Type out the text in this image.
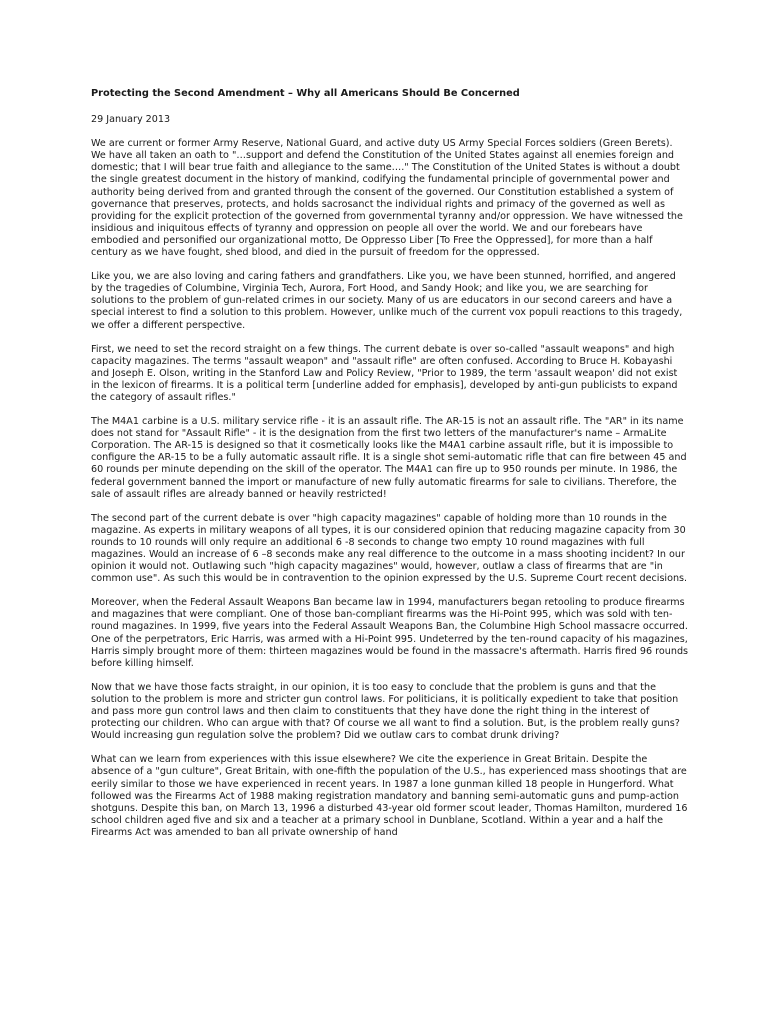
Protecting the Second Amendment – Why all Americans Should Be Concerned
29 January 2013

We are current or former Army Reserve, National Guard, and active duty US Army Special Forces soldiers (Green Berets). We have all taken an oath to "…support and defend the Constitution of the United States against all enemies foreign and domestic; that I will bear true faith and allegiance to the same…." The Constitution of the United States is without a doubt the single greatest document in the history of mankind, codifying the fundamental principle of governmental power and authority being derived from and granted through the consent of the governed. Our Constitution established a system of governance that preserves, protects, and holds sacrosanct the individual rights and primacy of the governed as well as providing for the explicit protection of the governed from governmental tyranny and/or oppression. We have witnessed the insidious and iniquitous effects of tyranny and oppression on people all over the world. We and our forebears have embodied and personified our organizational motto, De Oppresso Liber [To Free the Oppressed], for more than a half century as we have fought, shed blood, and died in the pursuit of freedom for the oppressed.

Like you, we are also loving and caring fathers and grandfathers. Like you, we have been stunned, horrified, and angered by the tragedies of Columbine, Virginia Tech, Aurora, Fort Hood, and Sandy Hook; and like you, we are searching for solutions to the problem of gun-related crimes in our society. Many of us are educators in our second careers and have a special interest to find a solution to this problem. However, unlike much of the current vox populi reactions to this tragedy, we offer a different perspective.

First, we need to set the record straight on a few things. The current debate is over so-called "assault weapons" and high capacity magazines. The terms "assault weapon" and "assault rifle" are often confused. According to Bruce H. Kobayashi and Joseph E. Olson, writing in the Stanford Law and Policy Review, "Prior to 1989, the term 'assault weapon' did not exist in the lexicon of firearms. It is a political term [underline added for emphasis], developed by anti-gun publicists to expand the category of assault rifles."

The M4A1 carbine is a U.S. military service rifle - it is an assault rifle. The AR-15 is not an assault rifle. The "AR" in its name does not stand for "Assault Rifle" - it is the designation from the first two letters of the manufacturer's name – ArmaLite Corporation. The AR-15 is designed so that it cosmetically looks like the M4A1 carbine assault rifle, but it is impossible to configure the AR-15 to be a fully automatic assault rifle. It is a single shot semi-automatic rifle that can fire between 45 and 60 rounds per minute depending on the skill of the operator. The M4A1 can fire up to 950 rounds per minute. In 1986, the federal government banned the import or manufacture of new fully automatic firearms for sale to civilians. Therefore, the sale of assault rifles are already banned or heavily restricted!

The second part of the current debate is over "high capacity magazines" capable of holding more than 10 rounds in the magazine. As experts in military weapons of all types, it is our considered opinion that reducing magazine capacity from 30 rounds to 10 rounds will only require an additional 6 -8 seconds to change two empty 10 round magazines with full magazines. Would an increase of 6 –8 seconds make any real difference to the outcome in a mass shooting incident? In our opinion it would not. Outlawing such "high capacity magazines" would, however, outlaw a class of firearms that are "in common use". As such this would be in contravention to the opinion expressed by the U.S. Supreme Court recent decisions.

Moreover, when the Federal Assault Weapons Ban became law in 1994, manufacturers began retooling to produce firearms and magazines that were compliant. One of those ban-compliant firearms was the Hi-Point 995, which was sold with ten-round magazines. In 1999, five years into the Federal Assault Weapons Ban, the Columbine High School massacre occurred. One of the perpetrators, Eric Harris, was armed with a Hi-Point 995. Undeterred by the ten-round capacity of his magazines, Harris simply brought more of them: thirteen magazines would be found in the massacre's aftermath. Harris fired 96 rounds before killing himself.

Now that we have those facts straight, in our opinion, it is too easy to conclude that the problem is guns and that the solution to the problem is more and stricter gun control laws. For politicians, it is politically expedient to take that position and pass more gun control laws and then claim to constituents that they have done the right thing in the interest of protecting our children. Who can argue with that? Of course we all want to find a solution. But, is the problem really guns? Would increasing gun regulation solve the problem? Did we outlaw cars to combat drunk driving?

What can we learn from experiences with this issue elsewhere? We cite the experience in Great Britain. Despite the absence of a "gun culture", Great Britain, with one-fifth the population of the U.S., has experienced mass shootings that are eerily similar to those we have experienced in recent years. In 1987 a lone gunman killed 18 people in Hungerford. What followed was the Firearms Act of 1988 making registration mandatory and banning semi-automatic guns and pump-action shotguns. Despite this ban, on March 13, 1996 a disturbed 43-year old former scout leader, Thomas Hamilton, murdered 16 school children aged five and six and a teacher at a primary school in Dunblane, Scotland. Within a year and a half the Firearms Act was amended to ban all private ownership of hand
